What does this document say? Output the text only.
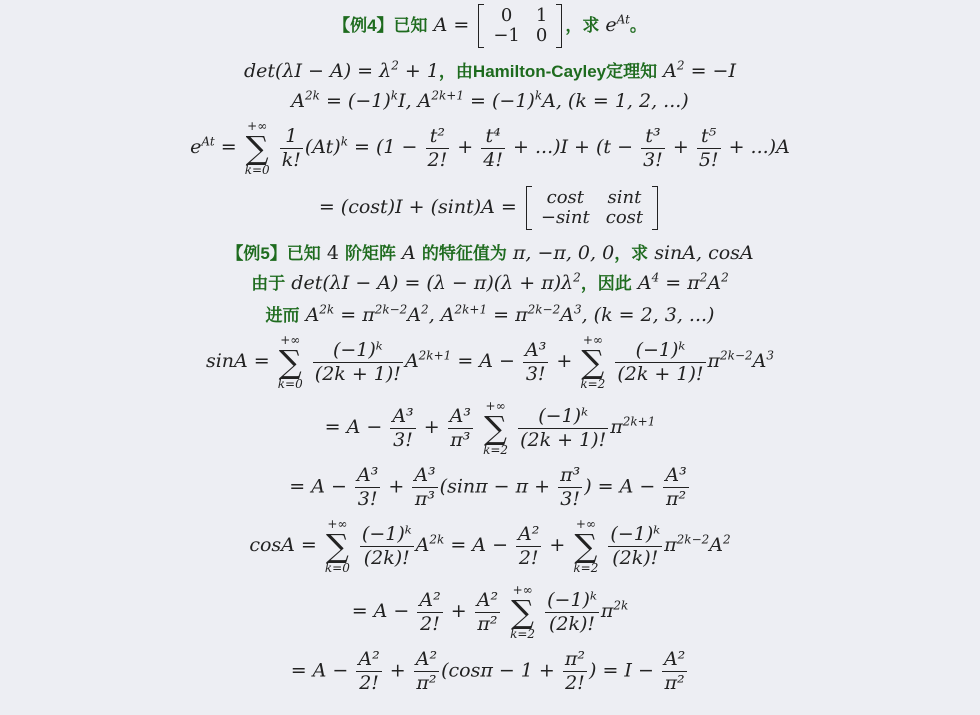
【例4】已知 A = 0	1
−1	0 ，求 $e^{At}$。
$\det(\lambda I - A) = \lambda^2 + 1$，由Hamilton-Cayley定理知 $A^2 = -I$
$A^{2k} = (-1)^kI$, $A^{2k+1} = (-1)^kA$, (k = 1, 2, ...)
$e^{At}$ =
+∞
∑
k=0

$\frac{1}{k!} (At)^k = (1 - \frac{\text{t²}}{2!} + \frac{\text{t⁴}}{4!} + ...)I + (t - \frac{\text{t³}}{3!} + \frac{\text{t⁵}}{5!} + ...)A$
= (cost)I + (sint)A = cost	sint
−sint	cost
【例5】已知 4 阶矩阵 A 的特征值为 π, −π, 0, 0，求 sinA, cosA
由于 $\det(\lambda I - A) = (\lambda - \pi)(\lambda + \pi)\lambda^2$，因此 $A^4 = \pi^2A^2$
进而 $A^{2k} = \pi^{2k-2}A^2$, $A^{2k+1} = \pi^{2k-2}A^3$, (k = 2, 3, ...)
sinA =
+∞
∑
k=0

$\frac{\text{(−1)ᵏ}}{(2k + 1)!} A^{2k+1} = A - \frac{\text{A³}}{3!}$ +
+∞
∑
k=2

$\frac{\text{(−1)ᵏ}}{(2k + 1)!} \pi^{2k-2}A^3$
= $A - \frac{\text{A³}}{3!} + \frac{\text{A³}}{\text{π³}}$

+∞
∑
k=2

$\frac{\text{(−1)ᵏ}}{(2k + 1)!} \pi^{2k+1}$
= $A - \frac{\text{A³}}{3!} + \frac{\text{A³}}{\text{π³}} (\sin\pi - \pi + \frac{\text{π³}}{3!}$ ) = $A - \frac{\text{A³}}{\text{π²}}$
cosA =
+∞
∑
k=0

$\frac{\text{(−1)ᵏ}}{(2k)!} A^{2k} = A - \frac{\text{A²}}{2!}$ +
+∞
∑
k=2

$\frac{\text{(−1)ᵏ}}{(2k)!} \pi^{2k-2}A^2$
= $A - \frac{\text{A²}}{2!} + \frac{\text{A²}}{\text{π²}}$

+∞
∑
k=2

$\frac{\text{(−1)ᵏ}}{(2k)!} \pi^{2k}$
= $A - \frac{\text{A²}}{2!} + \frac{\text{A²}}{\text{π²}} (\cos\pi - 1 + \frac{\text{π²}}{2!}$ ) = $I - \frac{\text{A²}}{\text{π²}}$
